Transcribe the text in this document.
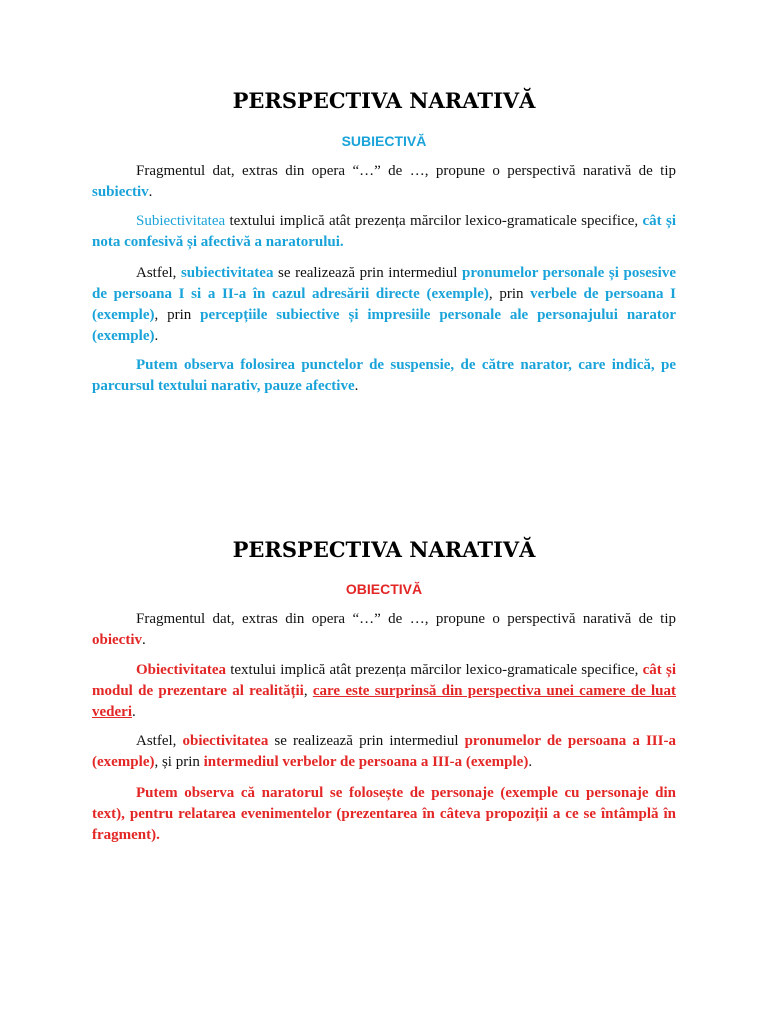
PERSPECTIVA NARATIVĂ
SUBIECTIVĂ
Fragmentul dat, extras din opera “…” de …, propune o perspectivă narativă de tip subiectiv.
Subiectivitatea textului implică atât prezența mărcilor lexico-gramaticale specifice, cât și nota confesivă și afectivă a naratorului.
Astfel, subiectivitatea se realizează prin intermediul pronumelor personale și posesive de persoana I si a II-a în cazul adresării directe (exemple), prin verbele de persoana I (exemple), prin percepțiile subiective și impresiile personale ale personajului narator (exemple).
Putem observa folosirea punctelor de suspensie, de către narator, care indică, pe parcursul textului narativ, pauze afective.
PERSPECTIVA NARATIVĂ
OBIECTIVĂ
Fragmentul dat, extras din opera “…” de …, propune o perspectivă narativă de tip obiectiv.
Obiectivitatea textului implică atât prezența mărcilor lexico-gramaticale specifice, cât și modul de prezentare al realității, care este surprinsă din perspectiva unei camere de luat vederi.
Astfel, obiectivitatea se realizează prin intermediul pronumelor de persoana a III-a (exemple), și prin intermediul verbelor de persoana a III-a (exemple).
Putem observa că naratorul se folosește de personaje (exemple cu personaje din text), pentru relatarea evenimentelor (prezentarea în câteva propoziții a ce se întâmplă în fragment).
